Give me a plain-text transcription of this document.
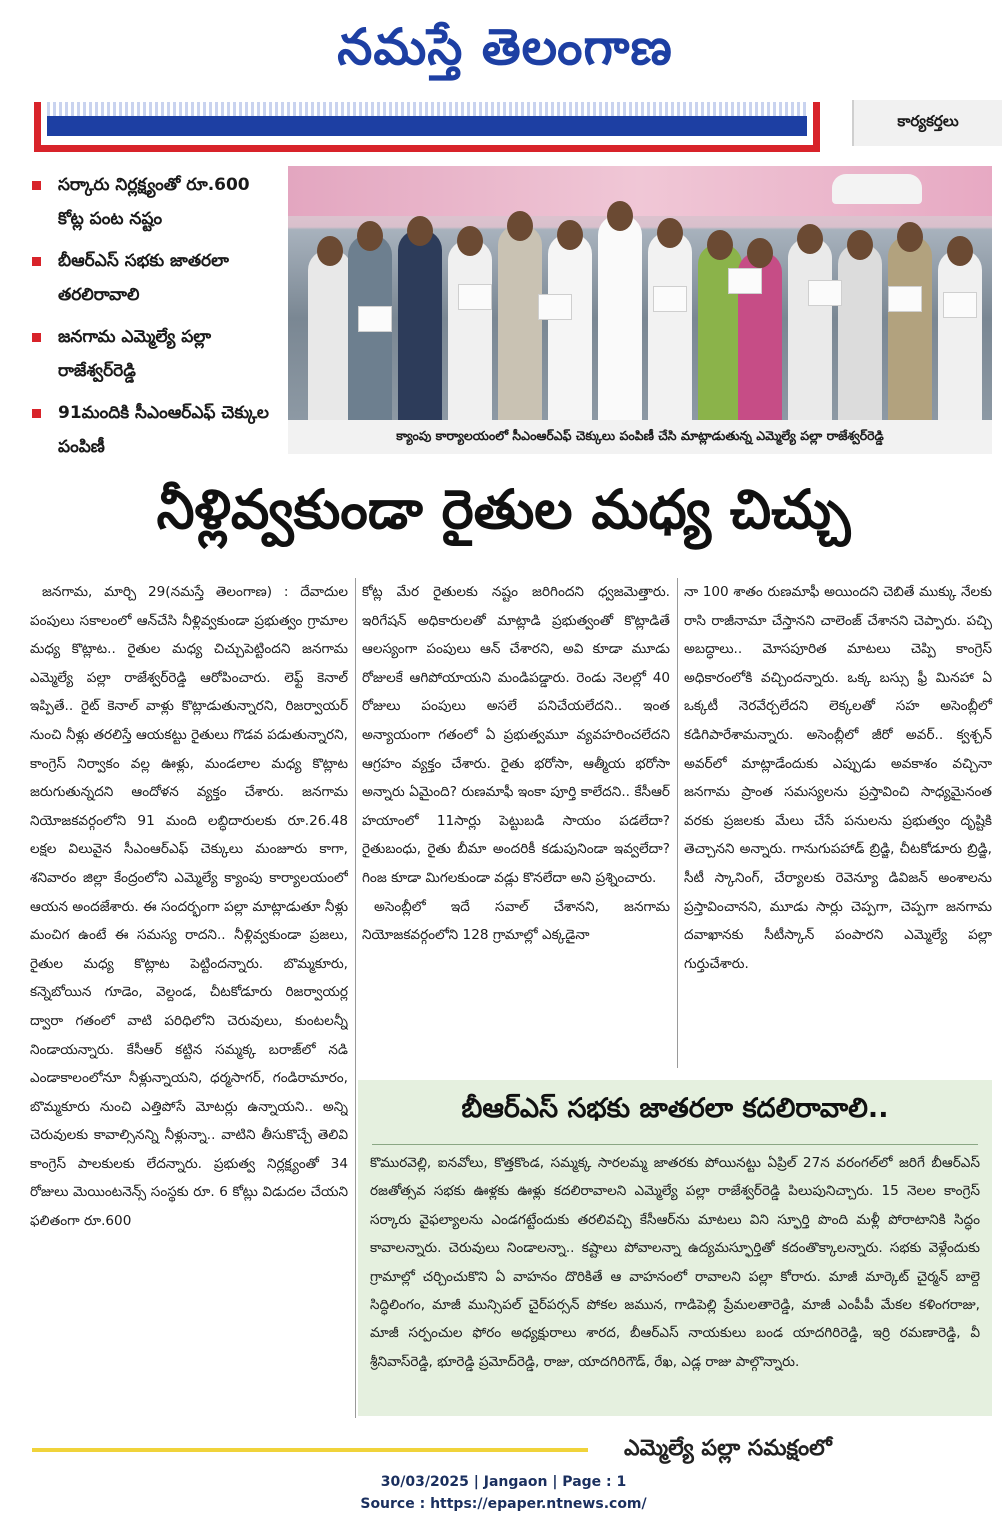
నమస్తే తెలంగాణ
కార్యకర్తలు
సర్కారు నిర్లక్ష్యంతో రూ.600 కోట్ల పంట నష్టం
బీఆర్‌ఎస్ సభకు జాతరలా తరలిరావాలి
జనగామ ఎమ్మెల్యే పల్లా రాజేశ్వర్‌రెడ్డి
91మందికి సీఎంఆర్‌ఎఫ్ చెక్కుల పంపిణీ
క్యాంపు కార్యాలయంలో సీఎంఆర్‌ఎఫ్ చెక్కులు పంపిణీ చేసి మాట్లాడుతున్న ఎమ్మెల్యే పల్లా రాజేశ్వర్‌రెడ్డి
నీళ్లివ్వకుండా రైతుల మధ్య చిచ్చు

జనగామ, మార్చి 29(నమస్తే తెలంగాణ) : దేవాదుల పంపులు సకాలంలో ఆన్‌చేసి నీళ్లివ్వకుండా ప్రభుత్వం గ్రామాల మధ్య కొట్లాట.. రైతుల మధ్య చిచ్చుపెట్టిందని జనగామ ఎమ్మెల్యే పల్లా రాజేశ్వర్‌రెడ్డి ఆరోపించారు. లెఫ్ట్ కెనాల్ ఇప్పితే.. రైట్ కెనాల్ వాళ్లు కొట్లాడుతున్నారని, రిజర్వాయర్ నుంచి నీళ్లు తరలిస్తే ఆయకట్టు రైతులు గొడవ పడుతున్నారని, కాంగ్రెస్ నిర్వాకం వల్ల ఊళ్లు, మండలాల మధ్య కొట్లాట జరుగుతున్నదని ఆందోళన వ్యక్తం చేశారు. జనగామ నియోజకవర్గంలోని 91 మంది లబ్ధిదారులకు రూ.26.48 లక్షల విలువైన సీఎంఆర్‌ఎఫ్ చెక్కులు మంజూరు కాగా, శనివారం జిల్లా కేంద్రంలోని ఎమ్మెల్యే క్యాంపు కార్యాలయంలో ఆయన అందజేశారు. ఈ సందర్భంగా పల్లా మాట్లాడుతూ నీళ్లు మంచిగ ఉంటే ఈ సమస్య రాదని.. నీళ్లివ్వకుండా ప్రజలు, రైతుల మధ్య కొట్లాట పెట్టిందన్నారు. బొమ్మకూరు, కన్నెబోయిన గూడెం, వెల్దండ, చీటకోడూరు రిజర్వాయర్ల ద్వారా గతంలో వాటి పరిధిలోని చెరువులు, కుంటలన్నీ నిండాయన్నారు. కేసీఆర్ కట్టిన సమ్మక్క బరాజ్‌లో నడి ఎండాకాలంలోనూ నీళ్లున్నాయని, ధర్మసాగర్, గండిరామారం, బొమ్మకూరు నుంచి ఎత్తిపోసే మోటర్లు ఉన్నాయని.. అన్ని చెరువులకు కావాల్సినన్ని నీళ్లున్నా.. వాటిని తీసుకొచ్చే తెలివి కాంగ్రెస్ పాలకులకు లేదన్నారు. ప్రభుత్వ నిర్లక్ష్యంతో 34 రోజులు మెయింటనెన్స్ సంస్థకు రూ. 6 కోట్లు విడుదల చేయని ఫలితంగా రూ.600

కోట్ల మేర రైతులకు నష్టం జరిగిందని ధ్వజమెత్తారు. ఇరిగేషన్ అధికారులతో మాట్లాడి ప్రభుత్వంతో కొట్లాడితే ఆలస్యంగా పంపులు ఆన్ చేశారని, అవి కూడా మూడు రోజులకే ఆగిపోయాయని మండిపడ్డారు. రెండు నెలల్లో 40 రోజులు పంపులు అసలే పనిచేయలేదని.. ఇంత అన్యాయంగా గతంలో ఏ ప్రభుత్వమూ వ్యవహరించలేదని ఆగ్రహం వ్యక్తం చేశారు. రైతు భరోసా, ఆత్మీయ భరోసా అన్నారు ఏమైంది? రుణమాఫీ ఇంకా పూర్తి కాలేదని.. కేసీఆర్ హయాంలో 11సార్లు పెట్టుబడి సాయం పడలేదా? రైతుబంధు, రైతు బీమా అందరికీ కడుపునిండా ఇవ్వలేదా? గింజ కూడా మిగలకుండా వడ్లు కొనలేదా అని ప్రశ్నించారు.

అసెంబ్లీలో ఇదే సవాల్ చేశానని, జనగామ నియోజకవర్గంలోని 128 గ్రామాల్లో ఎక్కడైనా

నా 100 శాతం రుణమాఫీ అయిందని చెబితే ముక్కు నేలకు రాసి రాజీనామా చేస్తానని చాలెంజ్ చేశానని చెప్పారు. పచ్చి అబద్ధాలు.. మోసపూరిత మాటలు చెప్పి కాంగ్రెస్ అధికారంలోకి వచ్చిందన్నారు. ఒక్క బస్సు ఫ్రీ మినహా ఏ ఒక్కటీ నెరవేర్చలేదని లెక్కలతో సహ అసెంబ్లీలో కడిగిపారేశామన్నారు. అసెంబ్లీలో జీరో అవర్.. క్వశ్చన్ అవర్‌లో మాట్లాడేందుకు ఎప్పుడు అవకాశం వచ్చినా జనగామ ప్రాంత సమస్యలను ప్రస్తావించి సాధ్యమైనంత వరకు ప్రజలకు మేలు చేసే పనులను ప్రభుత్వం దృష్టికి తెచ్చానని అన్నారు. గానుగుపహాడ్ బ్రిడ్జి, చీటకోడూరు బ్రిడ్జి, సీటీ స్కానింగ్, చేర్యాలకు రెవెన్యూ డివిజన్ అంశాలను ప్రస్తావించానని, మూడు సార్లు చెప్పగా, చెప్పగా జనగామ దవాఖానకు సీటీస్కాన్ పంపారని ఎమ్మెల్యే పల్లా గుర్తుచేశారు.

బీఆర్‌ఎస్ సభకు జాతరలా కదలిరావాలి..

కొమురవెల్లి, ఐనవోలు, కొత్తకొండ, సమ్మక్క సారలమ్మ జాతరకు పోయినట్టు ఏప్రిల్ 27న వరంగల్‌లో జరిగే బీఆర్‌ఎస్ రజతోత్సవ సభకు ఊళ్లకు ఊళ్లు కదలిరావాలని ఎమ్మెల్యే పల్లా రాజేశ్వర్‌రెడ్డి పిలుపునిచ్చారు. 15 నెలల కాంగ్రెస్ సర్కారు వైఫల్యాలను ఎండగట్టేందుకు తరలివచ్చి కేసీఆర్‌ను మాటలు విని స్ఫూర్తి పొంది మళ్లీ పోరాటానికి సిద్ధం కావాలన్నారు. చెరువులు నిండాలన్నా.. కష్టాలు పోవాలన్నా ఉద్యమస్ఫూర్తితో కదంతొక్కాలన్నారు. సభకు వెళ్లేందుకు గ్రామాల్లో చర్చించుకొని ఏ వాహనం దొరికితే ఆ వాహనంలో రావాలని పల్లా కోరారు. మాజీ మార్కెట్ చైర్మన్ బాల్దె సిద్ధిలింగం, మాజీ మున్సిపల్ చైర్‌పర్సన్ పోకల జమున, గాడిపెల్లి ప్రేమలతారెడ్డి, మాజీ ఎంపీపీ మేకల కళింగరాజు, మాజీ సర్పంచుల ఫోరం అధ్యక్షురాలు శారద, బీఆర్‌ఎస్ నాయకులు బండ యాదగిరిరెడ్డి, ఇర్రి రమణారెడ్డి, వీ శ్రీనివాస్‌రెడ్డి, భూరెడ్డి ప్రమోద్‌రెడ్డి, రాజు, యాదగిరిగౌడ్, రేఖ, ఎడ్ల రాజు పాల్గొన్నారు.

ఎమ్మెల్యే పల్లా సమక్షంలో
30/03/2025 | Jangaon | Page : 1
Source : https://epaper.ntnews.com/
